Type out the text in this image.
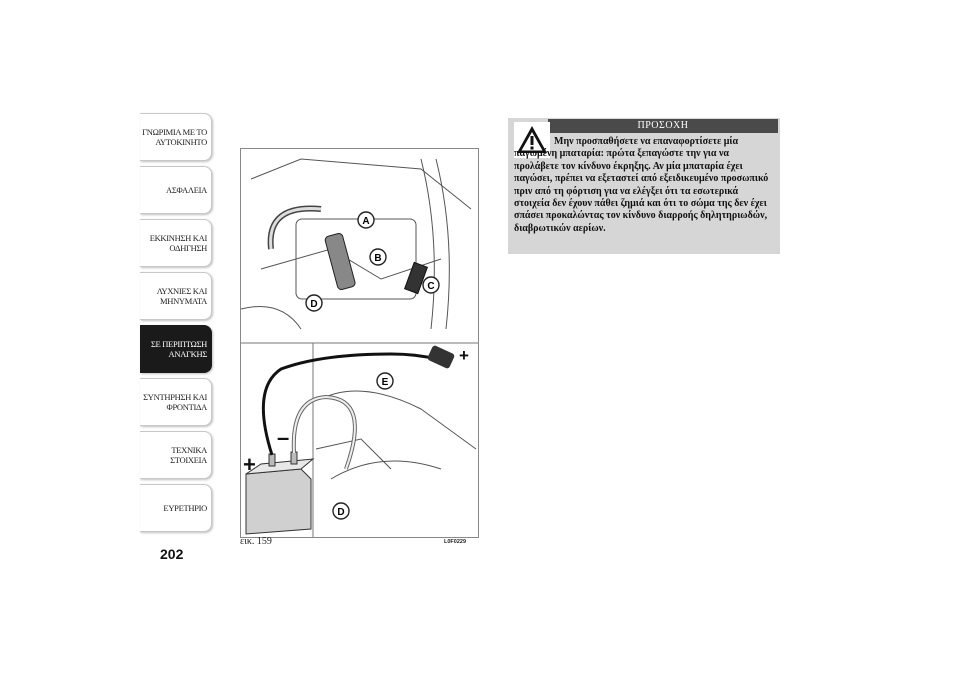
ΓΝΩΡΙΜΙΑ ΜΕ ΤΟ
ΑΥΤΟΚΙΝΗΤΟ
ΑΣΦΑΛΕΙΑ
ΕΚΚΙΝΗΣΗ ΚΑΙ
ΟΔΗΓΗΣΗ
ΛΥΧΝΙΕΣ ΚΑΙ
ΜΗΝΥΜΑΤΑ
ΣΕ ΠΕΡΙΠΤΩΣΗ
ΑΝΑΓΚΗΣ
ΣΥΝΤΗΡΗΣΗ ΚΑΙ
ΦΡΟΝΤΙΔΑ
ΤΕΧΝΙΚΑ ΣΤΟΙΧΕΙΑ
ΕΥΡΕΤΗΡΙΟ
202
A
B
C
D
E
D
+
+
–
εικ. 159	L0F0229
ΠΡΟΣΟΧΗ
Μην προσπαθήσετε να επαναφορτίσετε μία παγωμένη μπαταρία: πρώτα ξεπαγώστε την για να προλάβετε τον κίνδυνο έκρηξης. Αν μία μπαταρία έχει παγώσει, πρέπει να εξεταστεί από εξειδικευμένο προσωπικό πριν από τη φόρτιση για να ελέγξει ότι τα εσωτερικά στοιχεία δεν έχουν πάθει ζημιά και ότι το σώμα της δεν έχει σπάσει προκαλώντας τον κίνδυνο διαρροής δηλητηριωδών, διαβρωτικών αερίων.
